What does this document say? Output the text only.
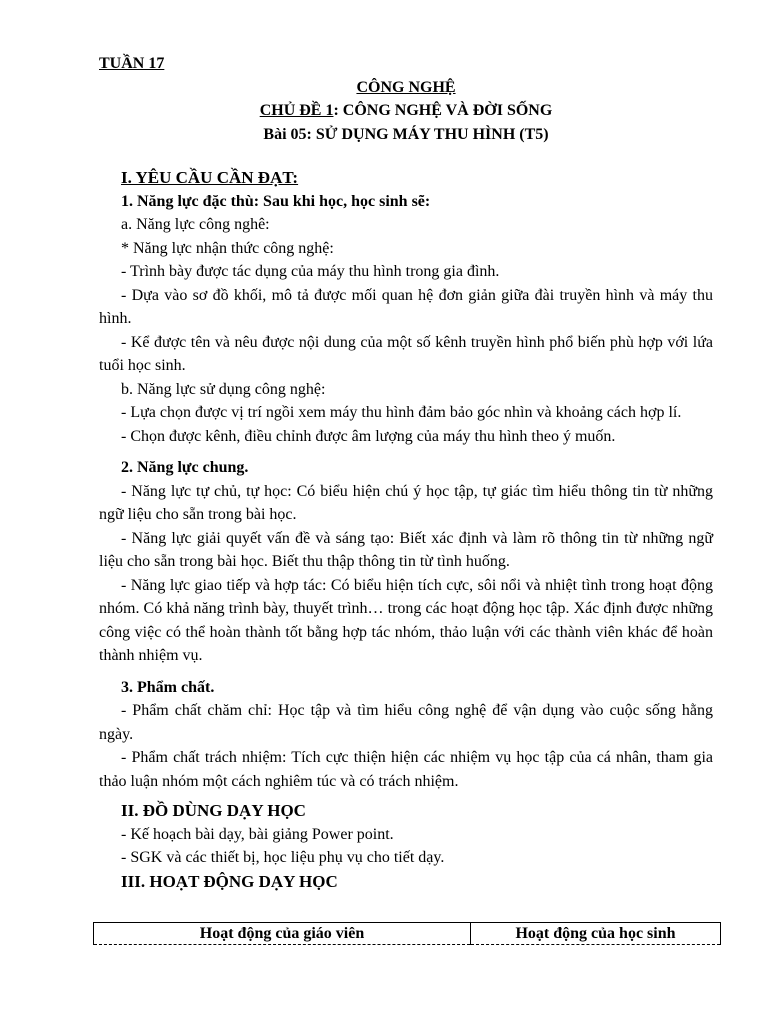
TUẦN 17

CÔNG NGHỆ

CHỦ ĐỀ 1: CÔNG NGHỆ VÀ ĐỜI SỐNG

Bài 05: SỬ DỤNG MÁY THU HÌNH (T5)

I. YÊU CẦU CẦN ĐẠT:

1. Năng lực đặc thù: Sau khi học, học sinh sẽ:

a. Năng lực công nghê:

* Năng lực nhận thức công nghệ:

- Trình bày được tác dụng của máy thu hình trong gia đình.

- Dựa vào sơ đồ khối, mô tả được mối quan hệ đơn giản giữa đài truyền hình và máy thu hình.

- Kể được tên và nêu được nội dung của một số kênh truyền hình phổ biến phù hợp với lứa tuổi học sinh.

b. Năng lực sử dụng công nghệ:

- Lựa chọn được vị trí ngồi xem máy thu hình đảm bảo góc nhìn và khoảng cách hợp lí.

- Chọn được kênh, điều chỉnh được âm lượng của máy thu hình theo ý muốn.

2. Năng lực chung.

- Năng lực tự chủ, tự học: Có biểu hiện chú ý học tập, tự giác tìm hiểu thông tin từ những ngữ liệu cho sẵn trong bài học.

- Năng lực giải quyết vấn đề và sáng tạo: Biết xác định và làm rõ thông tin từ những ngữ liệu cho sẵn trong bài học. Biết thu thập thông tin từ tình huống.

- Năng lực giao tiếp và hợp tác: Có biểu hiện tích cực, sôi nổi và nhiệt tình trong hoạt động nhóm. Có khả năng trình bày, thuyết trình… trong các hoạt động học tập. Xác định được những công việc có thể hoàn thành tốt bằng hợp tác nhóm, thảo luận với các thành viên khác để hoàn thành nhiệm vụ.

3. Phẩm chất.

- Phẩm chất chăm chỉ: Học tập và tìm hiểu công nghệ để vận dụng vào cuộc sống hằng ngày.

- Phẩm chất trách nhiệm: Tích cực thiện hiện các nhiệm vụ học tập của cá nhân, tham gia thảo luận nhóm một cách nghiêm túc và có trách nhiệm.

II. ĐỒ DÙNG DẠY HỌC

- Kế hoạch bài dạy, bài giảng Power point.

- SGK và các thiết bị, học liệu phụ vụ cho tiết dạy.

III. HOẠT ĐỘNG DẠY HỌC

Hoạt động của giáo viên	Hoạt động của học sinh
